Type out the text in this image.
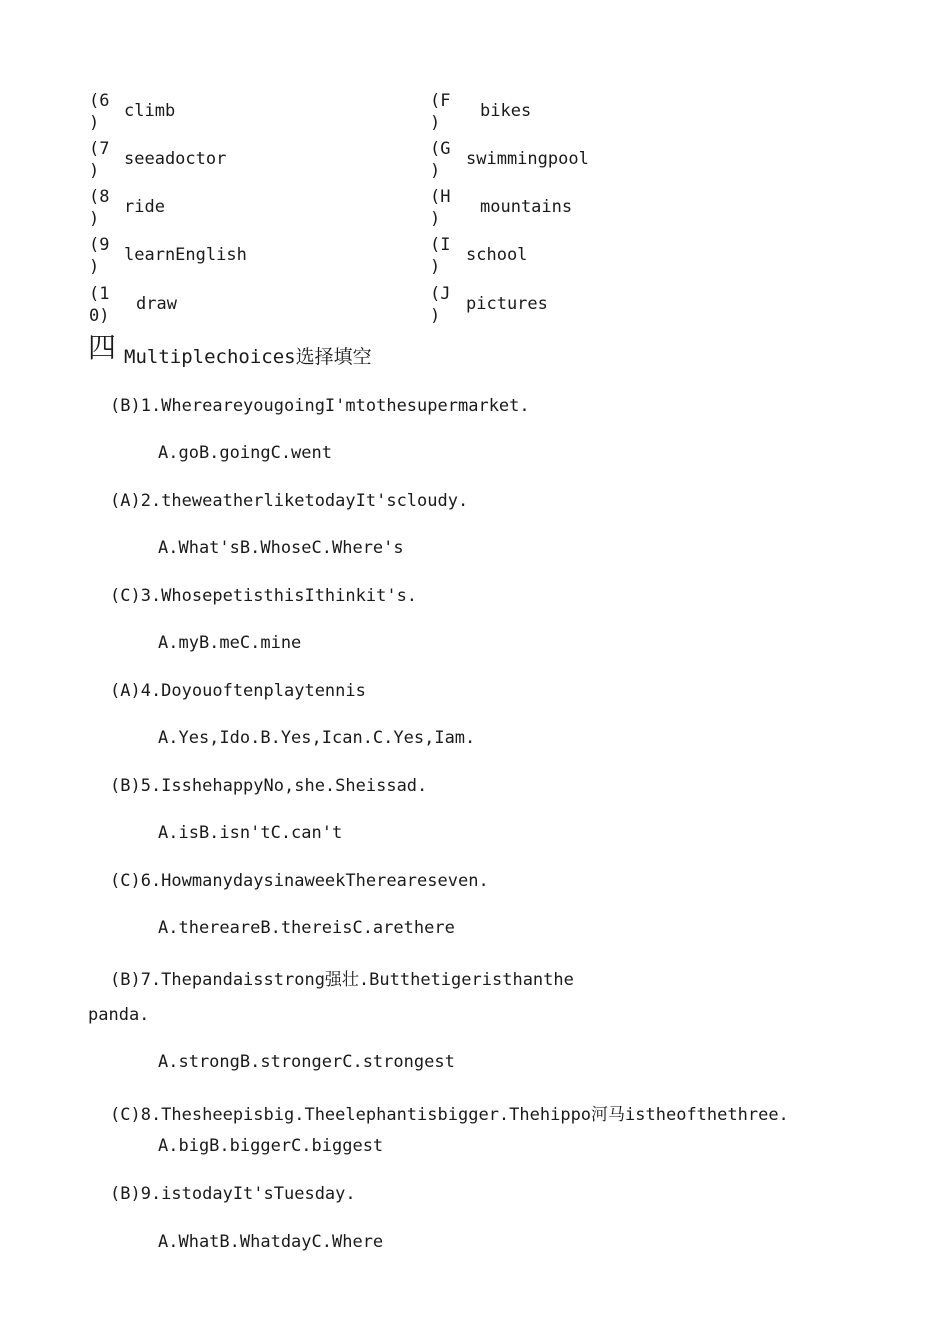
(6
)
climb
(7
)
seeadoctor
(8
)
ride
(9
)
learnEnglish
(1
0)
draw
(F
)
bikes
(G
)
swimmingpool
(H
)
mountains
(I
)
school
(J
)
pictures
四 Multiplechoices选择填空
(B)1.WhereareyougoingI'mtothesupermarket.
A.goB.goingC.went
(A)2.theweatherliketodayIt'scloudy.
A.What'sB.WhoseC.Where's
(C)3.WhosepetisthisIthinkit's.
A.myB.meC.mine
(A)4.Doyouoftenplaytennis
A.Yes,Ido.B.Yes,Ican.C.Yes,Iam.
(B)5.IsshehappyNo,she.Sheissad.
A.isB.isn'tC.can't
(C)6.HowmanydaysinaweekThereareseven.
A.thereareB.thereisC.arethere
(B)7.Thepandaisstrong强壮.Butthetigeristhanthe
panda.
A.strongB.strongerC.strongest
(C)8.Thesheepisbig.Theelephantisbigger.Thehippo河马istheofthethree.
A.bigB.biggerC.biggest
(B)9.istodayIt'sTuesday.
A.WhatB.WhatdayC.Where
